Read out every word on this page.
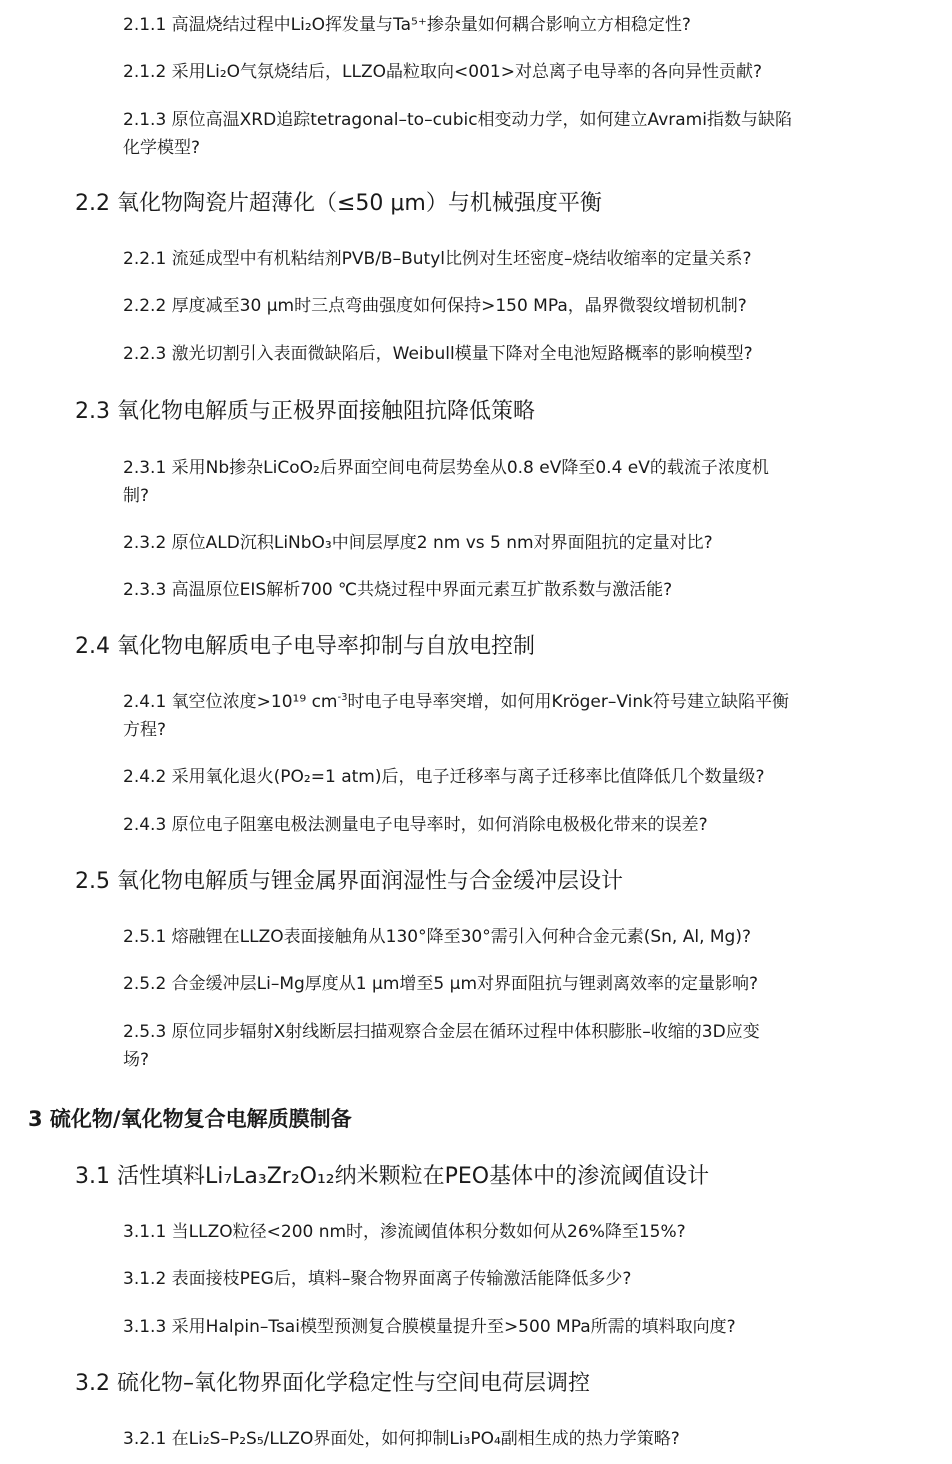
2.1.1 高温烧结过程中Li₂O挥发量与Ta⁵⁺掺杂量如何耦合影响立方相稳定性?
2.1.2 采用Li₂O气氛烧结后，LLZO晶粒取向<001>对总离子电导率的各向异性贡献?
2.1.3 原位高温XRD追踪tetragonal–to–cubic相变动力学，如何建立Avrami指数与缺陷
化学模型?
2.2 氧化物陶瓷片超薄化（≤50 μm）与机械强度平衡
2.2.1 流延成型中有机粘结剂PVB/B–Butyl比例对生坯密度–烧结收缩率的定量关系?
2.2.2 厚度减至30 μm时三点弯曲强度如何保持>150 MPa，晶界微裂纹增韧机制?
2.2.3 激光切割引入表面微缺陷后，Weibull模量下降对全电池短路概率的影响模型?
2.3 氧化物电解质与正极界面接触阻抗降低策略
2.3.1 采用Nb掺杂LiCoO₂后界面空间电荷层势垒从0.8 eV降至0.4 eV的载流子浓度机
制?
2.3.2 原位ALD沉积LiNbO₃中间层厚度2 nm vs 5 nm对界面阻抗的定量对比?
2.3.3 高温原位EIS解析700 ℃共烧过程中界面元素互扩散系数与激活能?
2.4 氧化物电解质电子电导率抑制与自放电控制
2.4.1 氧空位浓度>10¹⁹ $cm^{-3}$时电子电导率突增，如何用Kröger–Vink符号建立缺陷平衡
方程?
2.4.2 采用氧化退火(PO₂=1 atm)后，电子迁移率与离子迁移率比值降低几个数量级?
2.4.3 原位电子阻塞电极法测量电子电导率时，如何消除电极极化带来的误差?
2.5 氧化物电解质与锂金属界面润湿性与合金缓冲层设计
2.5.1 熔融锂在LLZO表面接触角从130°降至30°需引入何种合金元素(Sn, Al, Mg)?
2.5.2 合金缓冲层Li–Mg厚度从1 μm增至5 μm对界面阻抗与锂剥离效率的定量影响?
2.5.3 原位同步辐射X射线断层扫描观察合金层在循环过程中体积膨胀–收缩的3D应变
场?
3 硫化物/氧化物复合电解质膜制备
3.1 活性填料Li₇La₃Zr₂O₁₂纳米颗粒在PEO基体中的渗流阈值设计
3.1.1 当LLZO粒径<200 nm时，渗流阈值体积分数如何从26%降至15%?
3.1.2 表面接枝PEG后，填料–聚合物界面离子传输激活能降低多少?
3.1.3 采用Halpin–Tsai模型预测复合膜模量提升至>500 MPa所需的填料取向度?
3.2 硫化物–氧化物界面化学稳定性与空间电荷层调控
3.2.1 在Li₂S–P₂S₅/LLZO界面处，如何抑制Li₃PO₄副相生成的热力学策略?
